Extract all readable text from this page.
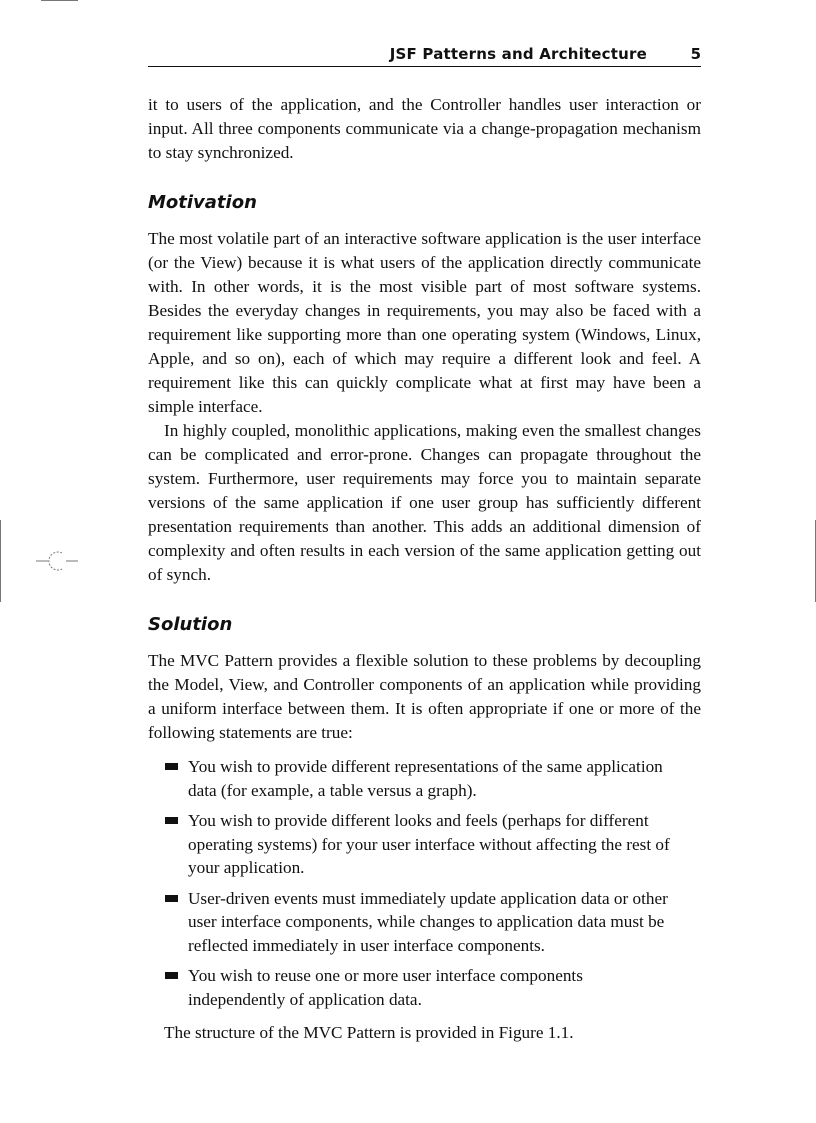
JSF Patterns and Architecture	5

it to users of the application, and the Controller handles user interaction or input. All three components communicate via a change-propagation mechanism to stay synchronized.

Motivation

The most volatile part of an interactive software application is the user interface (or the View) because it is what users of the application directly communicate with. In other words, it is the most visible part of most software systems. Besides the everyday changes in requirements, you may also be faced with a requirement like supporting more than one operating system (Windows, Linux, Apple, and so on), each of which may require a different look and feel. A requirement like this can quickly complicate what at first may have been a simple interface.

In highly coupled, monolithic applications, making even the smallest changes can be complicated and error-prone. Changes can propagate throughout the system. Furthermore, user requirements may force you to maintain separate versions of the same application if one user group has sufficiently different presentation requirements than another. This adds an additional dimension of complexity and often results in each version of the same application getting out of synch.

Solution

The MVC Pattern provides a flexible solution to these problems by decoupling the Model, View, and Controller components of an application while providing a uniform interface between them. It is often appropriate if one or more of the following statements are true:

You wish to provide different representations of the same application data (for example, a table versus a graph).
You wish to provide different looks and feels (perhaps for different operating systems) for your user interface without affecting the rest of your application.
User-driven events must immediately update application data or other user interface components, while changes to application data must be reflected immediately in user interface components.
You wish to reuse one or more user interface components independently of application data.

The structure of the MVC Pattern is provided in Figure 1.1.
